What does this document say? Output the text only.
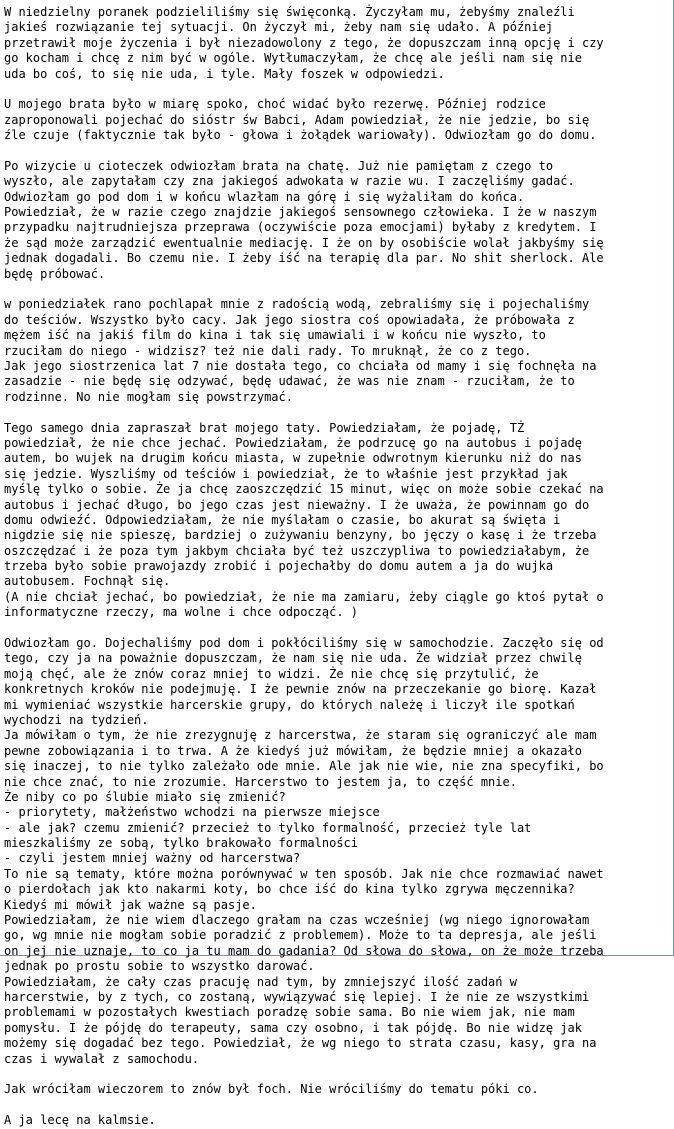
W niedzielny poranek podzieliliśmy się święconką. Życzyłam mu, żebyśmy znaleźli
jakieś rozwiązanie tej sytuacji. On życzył mi, żeby nam się udało. A później
przetrawił moje życzenia i był niezadowolony z tego, że dopuszczam inną opcję i czy
go kocham i chcę z nim być w ogóle. Wytłumaczyłam, że chcę ale jeśli nam się nie
uda bo coś, to się nie uda, i tyle. Mały foszek w odpowiedzi.
U mojego brata było w miarę spoko, choć widać było rezerwę. Później rodzice
zaproponowali pojechać do sióstr św Babci, Adam powiedział, że nie jedzie, bo się
źle czuje (faktycznie tak było - głowa i żołądek wariowały). Odwiozłam go do domu.
Po wizycie u cioteczek odwiozłam brata na chatę. Już nie pamiętam z czego to
wyszło, ale zapytałam czy zna jakiegoś adwokata w razie wu. I zaczęliśmy gadać.
Odwiozłam go pod dom i w końcu wlazłam na górę i się wyżaliłam do końca.
Powiedział, że w razie czego znajdzie jakiegoś sensownego człowieka. I że w naszym
przypadku najtrudniejsza przeprawa (oczywiście poza emocjami) byłaby z kredytem. I
że sąd może zarządzić ewentualnie mediację. I że on by osobiście wolał jakbyśmy się
jednak dogadali. Bo czemu nie. I żeby iść na terapię dla par. No shit sherlock. Ale
będę próbować.
w poniedziałek rano pochlapał mnie z radością wodą, zebraliśmy się i pojechaliśmy
do teściów. Wszystko było cacy. Jak jego siostra coś opowiadała, że próbowała z
mężem iść na jakiś film do kina i tak się umawiali i w końcu nie wyszło, to
rzuciłam do niego - widzisz? też nie dali rady. To mruknął, że co z tego.
Jak jego siostrzenica lat 7 nie dostała tego, co chciała od mamy i się fochnęła na
zasadzie - nie będę się odzywać, będę udawać, że was nie znam - rzuciłam, że to
rodzinne. No nie mogłam się powstrzymać.
Tego samego dnia zapraszał brat mojego taty. Powiedziałam, że pojadę, TŻ
powiedział, że nie chce jechać. Powiedziałam, że podrzucę go na autobus i pojadę
autem, bo wujek na drugim końcu miasta, w zupełnie odwrotnym kierunku niż do nas
się jedzie. Wyszliśmy od teściów i powiedział, że to właśnie jest przykład jak
myślę tylko o sobie. Że ja chcę zaoszczędzić 15 minut, więc on może sobie czekać na
autobus i jechać długo, bo jego czas jest nieważny. I że uważa, że powinnam go do
domu odwieźć. Odpowiedziałam, że nie myślałam o czasie, bo akurat są święta i
nigdzie się nie spieszę, bardziej o zużywaniu benzyny, bo jęczy o kasę i że trzeba
oszczędzać i że poza tym jakbym chciała być też uszczypliwa to powiedziałabym, że
trzeba było sobie prawojazdy zrobić i pojechałby do domu autem a ja do wujka
autobusem. Fochnął się.
(A nie chciał jechać, bo powiedział, że nie ma zamiaru, żeby ciągle go ktoś pytał o
informatyczne rzeczy, ma wolne i chce odpocząć. )
Odwiozłam go. Dojechaliśmy pod dom i pokłóciliśmy się w samochodzie. Zaczęło się od
tego, czy ja na poważnie dopuszczam, że nam się nie uda. Że widział przez chwilę
moją chęć, ale że znów coraz mniej to widzi. Że nie chcę się przytulić, że
konkretnych kroków nie podejmuję. I że pewnie znów na przeczekanie go biorę. Kazał
mi wymieniać wszystkie harcerskie grupy, do których należę i liczył ile spotkań
wychodzi na tydzień.
Ja mówiłam o tym, że nie zrezygnuję z harcerstwa, że staram się ograniczyć ale mam
pewne zobowiązania i to trwa. A że kiedyś już mówiłam, że będzie mniej a okazało
się inaczej, to nie tylko zależało ode mnie. Ale jak nie wie, nie zna specyfiki, bo
nie chce znać, to nie zrozumie. Harcerstwo to jestem ja, to część mnie.
Że niby co po ślubie miało się zmienić?
- priorytety, małżeństwo wchodzi na pierwsze miejsce
- ale jak? czemu zmienić? przecież to tylko formalność, przecież tyle lat
mieszkaliśmy ze sobą, tylko brakowało formalności
- czyli jestem mniej ważny od harcerstwa?
To nie są tematy, które można porównywać w ten sposób. Jak nie chce rozmawiać nawet
o pierdołach jak kto nakarmi koty, bo chce iść do kina tylko zgrywa męczennika?
Kiedyś mi mówił jak ważne są pasje.
Powiedziałam, że nie wiem dlaczego grałam na czas wcześniej (wg niego ignorowałam
go, wg mnie nie mogłam sobie poradzić z problemem). Może to ta depresja, ale jeśli
on jej nie uznaje, to co ja tu mam do gadania? Od słowa do słowa, on że może trzeba
jednak po prostu sobie to wszystko darować.
Powiedziałam, że cały czas pracuję nad tym, by zmniejszyć ilość zadań w
harcerstwie, by z tych, co zostaną, wywiązywać się lepiej. I że nie ze wszystkimi
problemami w pozostałych kwestiach poradzę sobie sama. Bo nie wiem jak, nie mam
pomysłu. I że pójdę do terapeuty, sama czy osobno, i tak pójdę. Bo nie widzę jak
możemy się dogadać bez tego. Powiedział, że wg niego to strata czasu, kasy, gra na
czas i wywalał z samochodu.
Jak wróciłam wieczorem to znów był foch. Nie wróciliśmy do tematu póki co.
A ja lecę na kalmsie.
